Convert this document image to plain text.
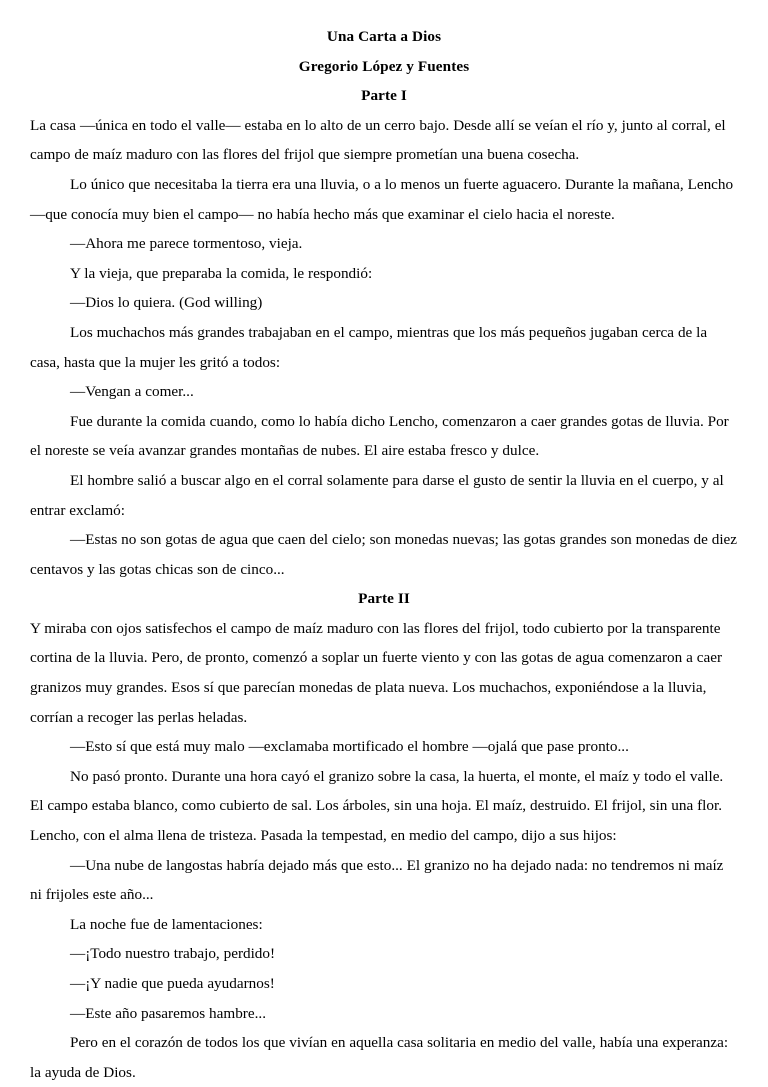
Una Carta a Dios

Gregorio López y Fuentes

Parte I

La casa —única en todo el valle— estaba en lo alto de un cerro bajo. Desde allí se veían el río y, junto al corral, el campo de maíz maduro con las flores del frijol que siempre prometían una buena cosecha.

Lo único que necesitaba la tierra era una lluvia, o a lo menos un fuerte aguacero. Durante la mañana, Lencho —que conocía muy bien el campo— no había hecho más que examinar el cielo hacia el noreste.

—Ahora me parece tormentoso, vieja.

Y la vieja, que preparaba la comida, le respondió:

—Dios lo quiera. (God willing)

Los muchachos más grandes trabajaban en el campo, mientras que los más pequeños jugaban cerca de la casa, hasta que la mujer les gritó a todos:

—Vengan a comer...

Fue durante la comida cuando, como lo había dicho Lencho, comenzaron a caer grandes gotas de lluvia. Por el noreste se veía avanzar grandes montañas de nubes. El aire estaba fresco y dulce.

El hombre salió a buscar algo en el corral solamente para darse el gusto de sentir la lluvia en el cuerpo, y al entrar exclamó:

—Estas no son gotas de agua que caen del cielo; son monedas nuevas; las gotas grandes son monedas de diez centavos y las gotas chicas son de cinco...

Parte II

Y miraba con ojos satisfechos el campo de maíz maduro con las flores del frijol, todo cubierto por la transparente cortina de la lluvia. Pero, de pronto, comenzó a soplar un fuerte viento y con las gotas de agua comenzaron a caer granizos muy grandes. Esos sí que parecían monedas de plata nueva. Los muchachos, exponiéndose a la lluvia, corrían a recoger las perlas heladas.

—Esto sí que está muy malo —exclamaba mortificado el hombre —ojalá que pase pronto...

No pasó pronto. Durante una hora cayó el granizo sobre la casa, la huerta, el monte, el maíz y todo el valle. El campo estaba blanco, como cubierto de sal. Los árboles, sin una hoja. El maíz, destruido. El frijol, sin una flor. Lencho, con el alma llena de tristeza. Pasada la tempestad, en medio del campo, dijo a sus hijos:

—Una nube de langostas habría dejado más que esto... El granizo no ha dejado nada: no tendremos ni maíz ni frijoles este año...

La noche fue de lamentaciones:

—¡Todo nuestro trabajo, perdido!

—¡Y nadie que pueda ayudarnos!

—Este año pasaremos hambre...

Pero en el corazón de todos los que vivían en aquella casa solitaria en medio del valle, había una experanza: la ayuda de Dios.
